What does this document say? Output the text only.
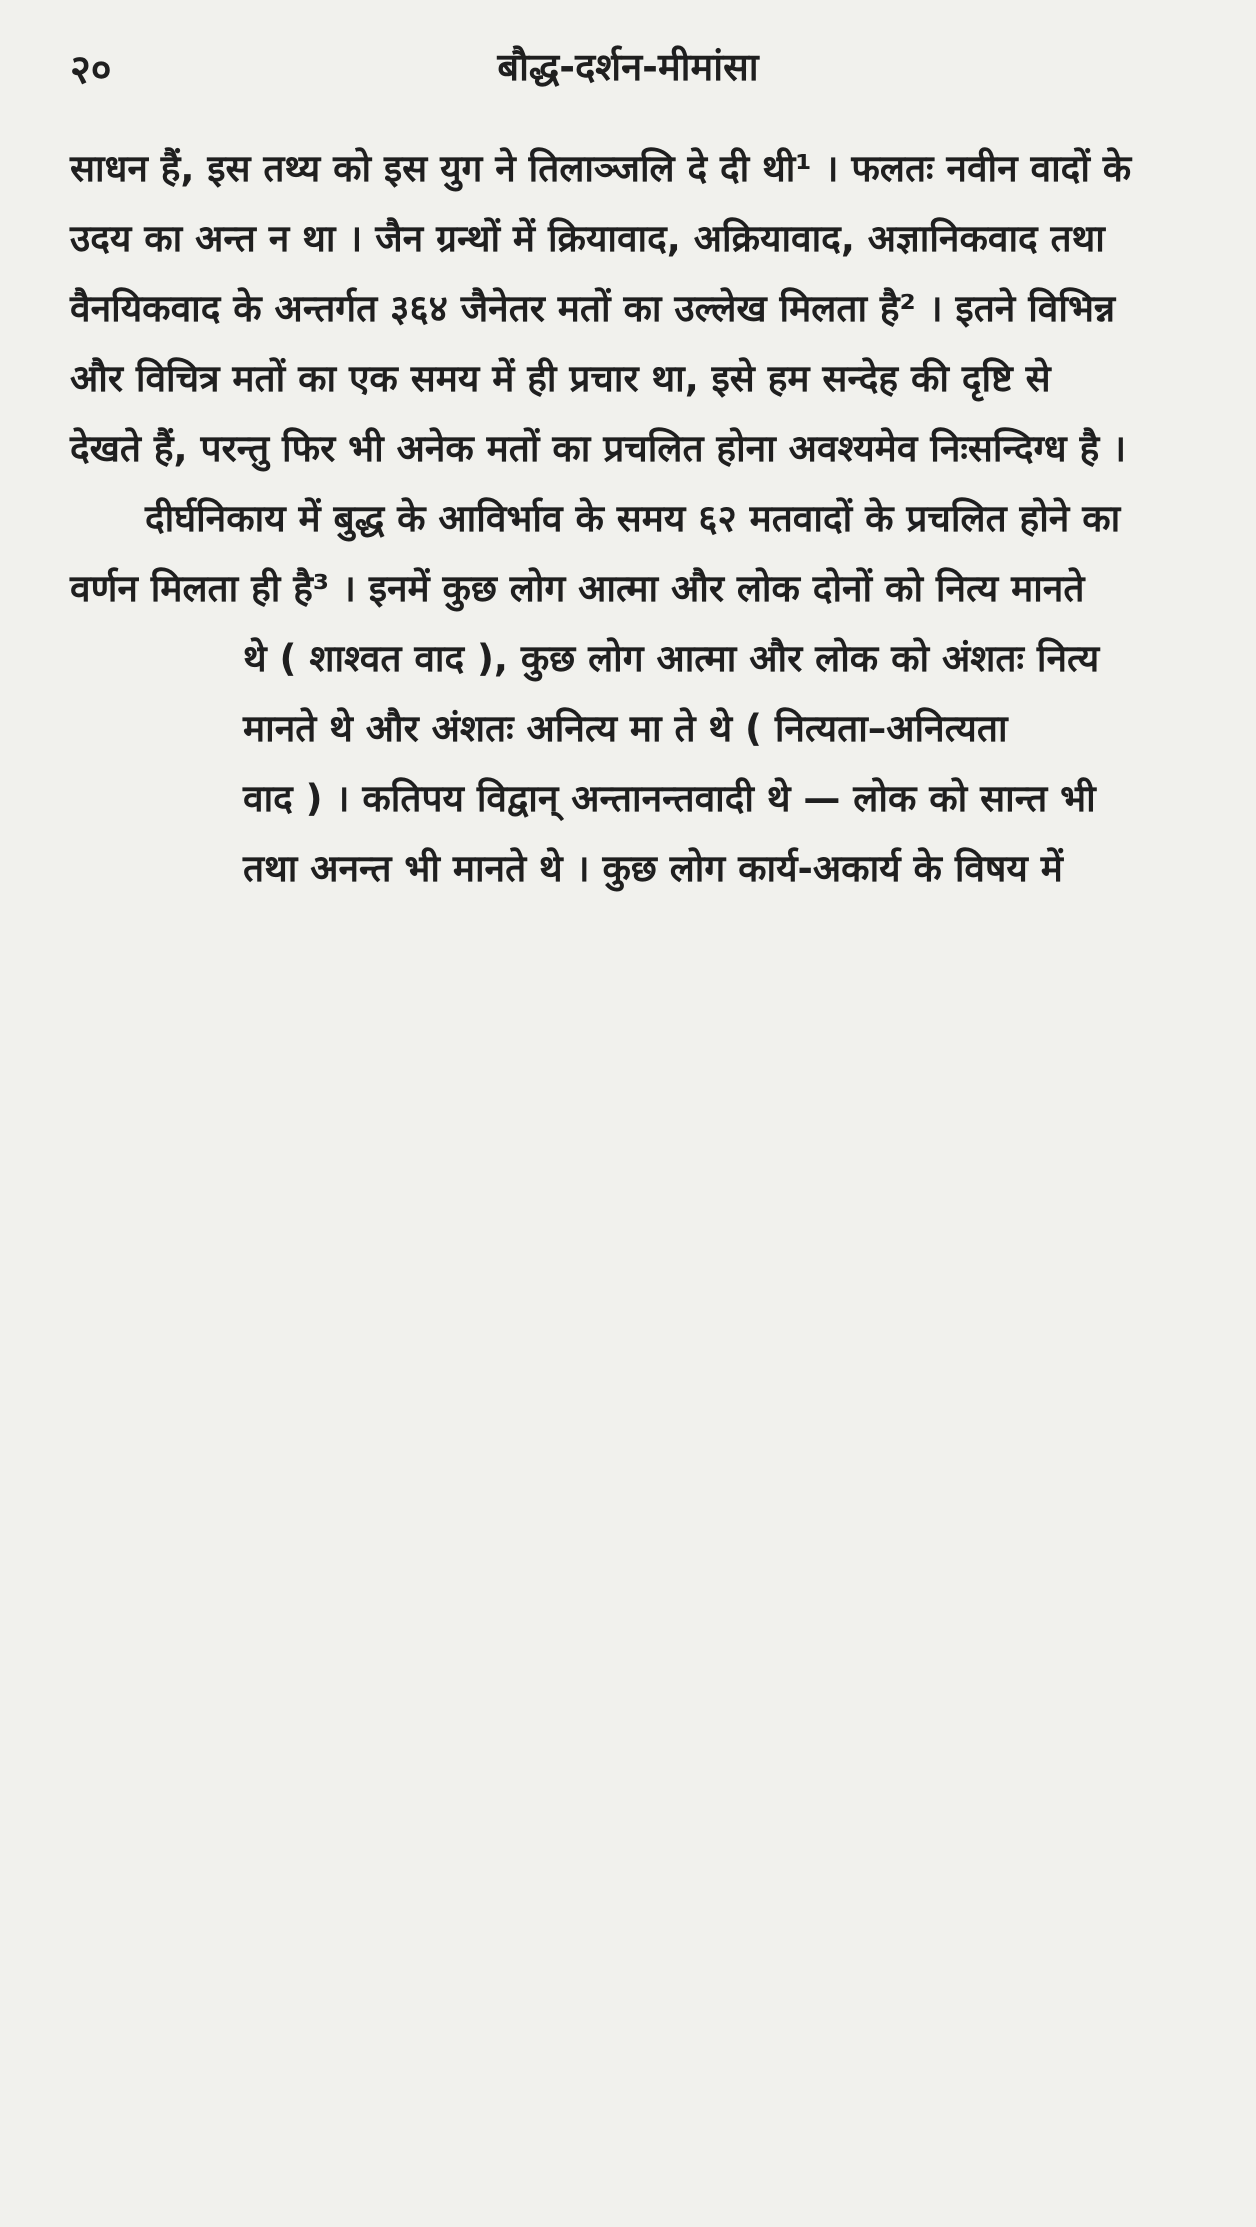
२०	बौद्ध-दर्शन-मीमांसा
साधन हैं, इस तथ्य को इस युग ने तिलाञ्जलि दे दी थी¹ । फलतः नवीन वादों के
उदय का अन्त न था । जैन ग्रन्थों में क्रियावाद, अक्रियावाद, अज्ञानिकवाद तथा
वैनयिकवाद के अन्तर्गत ३६४ जैनेतर मतों का उल्लेख मिलता है² । इतने विभिन्न
और विचित्र मतों का एक समय में ही प्रचार था, इसे हम सन्देह की दृष्टि से
देखते हैं, परन्तु फिर भी अनेक मतों का प्रचलित होना अवश्यमेव निःसन्दिग्ध है ।
दीर्घनिकाय में बुद्ध के आविर्भाव के समय ६२ मतवादों के प्रचलित होने का
वर्णन मिलता ही है³ । इनमें कुछ लोग आत्मा और लोक दोनों को नित्य मानते
थे ( शाश्वत वाद ), कुछ लोग आत्मा और लोक को अंशतः नित्य
मानते थे और अंशतः अनित्य मा ते थे ( नित्यता–अनित्यता
वाद ) । कतिपय विद्वान् अन्तानन्तवादी थे — लोक को सान्त भी
तथा अनन्त भी मानते थे । कुछ लोग कार्य-अकार्य के विषय में
